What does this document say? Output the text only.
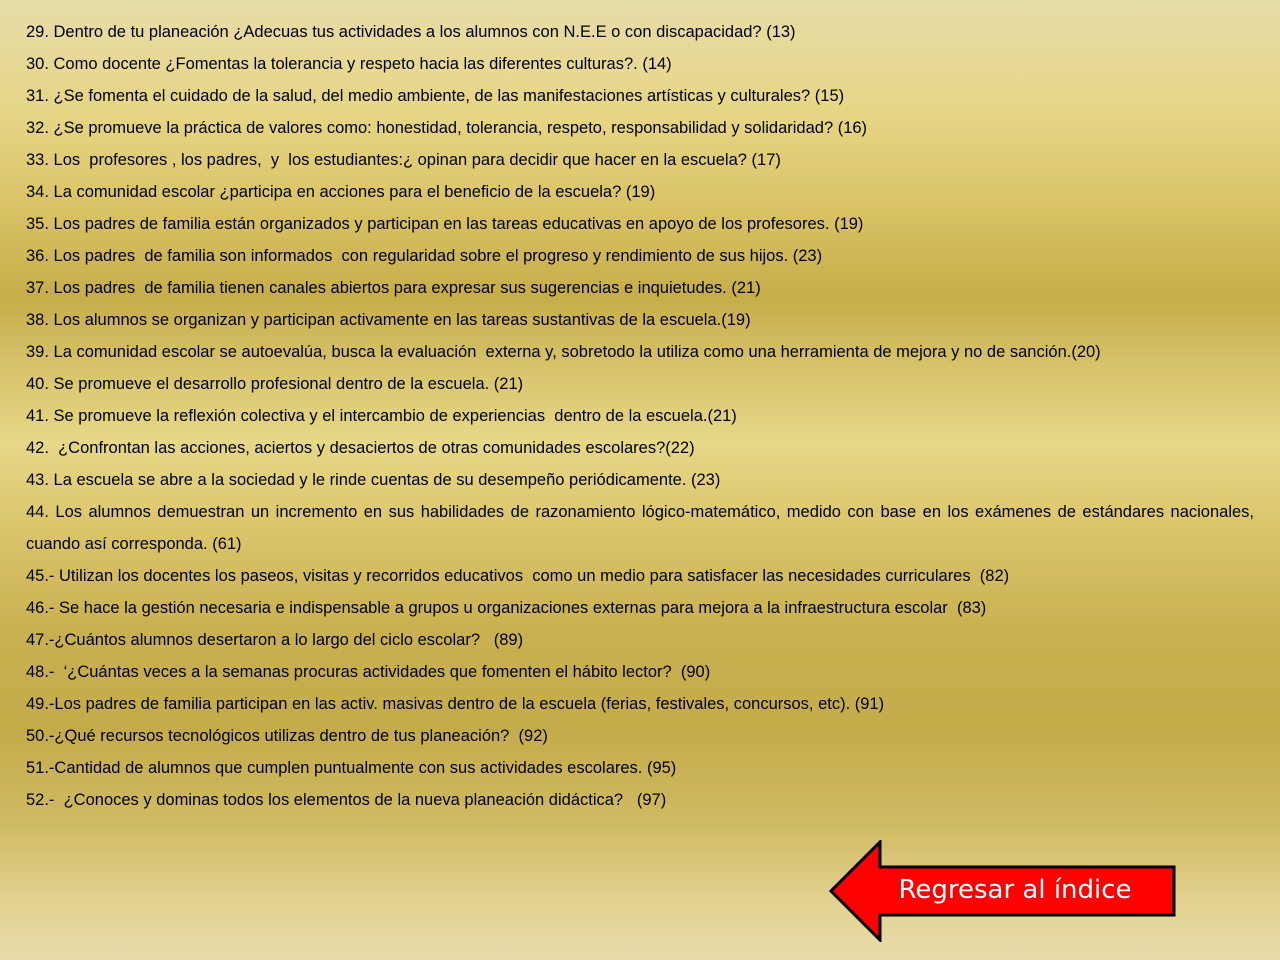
29. Dentro de tu planeación ¿Adecuas tus actividades a los alumnos con N.E.E o con discapacidad? (13)
30. Como docente ¿Fomentas la tolerancia y respeto hacia las diferentes culturas?. (14)
31. ¿Se fomenta el cuidado de la salud, del medio ambiente, de las manifestaciones artísticas y culturales? (15)
32. ¿Se promueve la práctica de valores como: honestidad, tolerancia, respeto, responsabilidad y solidaridad? (16)
33. Los  profesores , los padres,  y  los estudiantes:¿ opinan para decidir que hacer en la escuela? (17)
34. La comunidad escolar ¿participa en acciones para el beneficio de la escuela? (19)
35. Los padres de familia están organizados y participan en las tareas educativas en apoyo de los profesores. (19)
36. Los padres  de familia son informados  con regularidad sobre el progreso y rendimiento de sus hijos. (23)
37. Los padres  de familia tienen canales abiertos para expresar sus sugerencias e inquietudes. (21)
38. Los alumnos se organizan y participan activamente en las tareas sustantivas de la escuela.(19)
39. La comunidad escolar se autoevalúa, busca la evaluación  externa y, sobretodo la utiliza como una herramienta de mejora y no de sanción.(20)
40. Se promueve el desarrollo profesional dentro de la escuela. (21)
41. Se promueve la reflexión colectiva y el intercambio de experiencias  dentro de la escuela.(21)
42.  ¿Confrontan las acciones, aciertos y desaciertos de otras comunidades escolares?(22)
43. La escuela se abre a la sociedad y le rinde cuentas de su desempeño periódicamente. (23)
44. Los alumnos demuestran un incremento en sus habilidades de razonamiento lógico-matemático, medido con base en los exámenes de estándares nacionales, cuando así corresponda. (61)
45.- Utilizan los docentes los paseos, visitas y recorridos educativos  como un medio para satisfacer las necesidades curriculares  (82)
46.- Se hace la gestión necesaria e indispensable a grupos u organizaciones externas para mejora a la infraestructura escolar  (83)
47.-¿Cuántos alumnos desertaron a lo largo del ciclo escolar?   (89)
48.-  ‘¿Cuántas veces a la semanas procuras actividades que fomenten el hábito lector?  (90)
49.-Los padres de familia participan en las activ. masivas dentro de la escuela (ferias, festivales, concursos, etc). (91)
50.-¿Qué recursos tecnológicos utilizas dentro de tus planeación?  (92)
51.-Cantidad de alumnos que cumplen puntualmente con sus actividades escolares. (95)
52.-  ¿Conoces y dominas todos los elementos de la nueva planeación didáctica?   (97)
Regresar al índice
